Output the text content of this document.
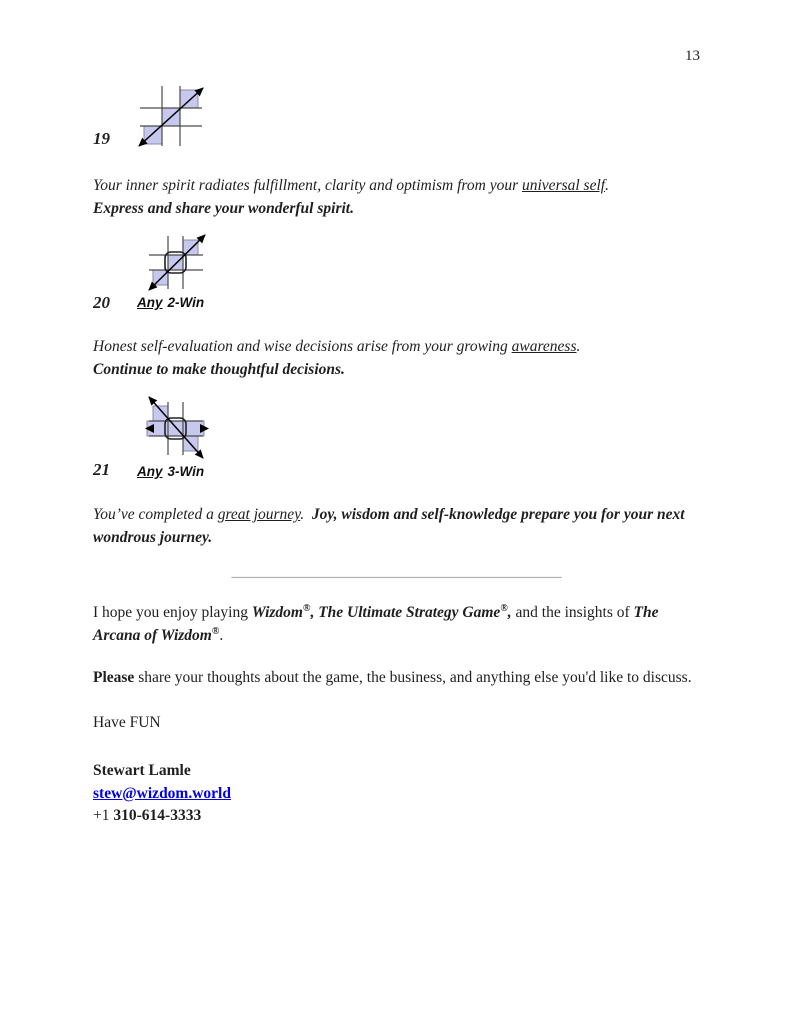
13
19

Your inner spirit radiates fulfillment, clarity and optimism from your universal self.
Express and share your wonderful spirit.

20 Any 2-Win

Honest self-evaluation and wise decisions arise from your growing awareness.
Continue to make thoughtful decisions.

21 Any 3-Win

You’ve completed a great journey.  Joy, wisdom and self-knowledge prepare you for your next wondrous journey.

____________________________________________

I hope you enjoy playing Wizdom®, The Ultimate Strategy Game®, and the insights of The Arcana of Wizdom®.

Please share your thoughts about the game, the business, and anything else you'd like to discuss.

Have FUN

Stewart Lamle
stew@wizdom.world
+1 310-614-3333
